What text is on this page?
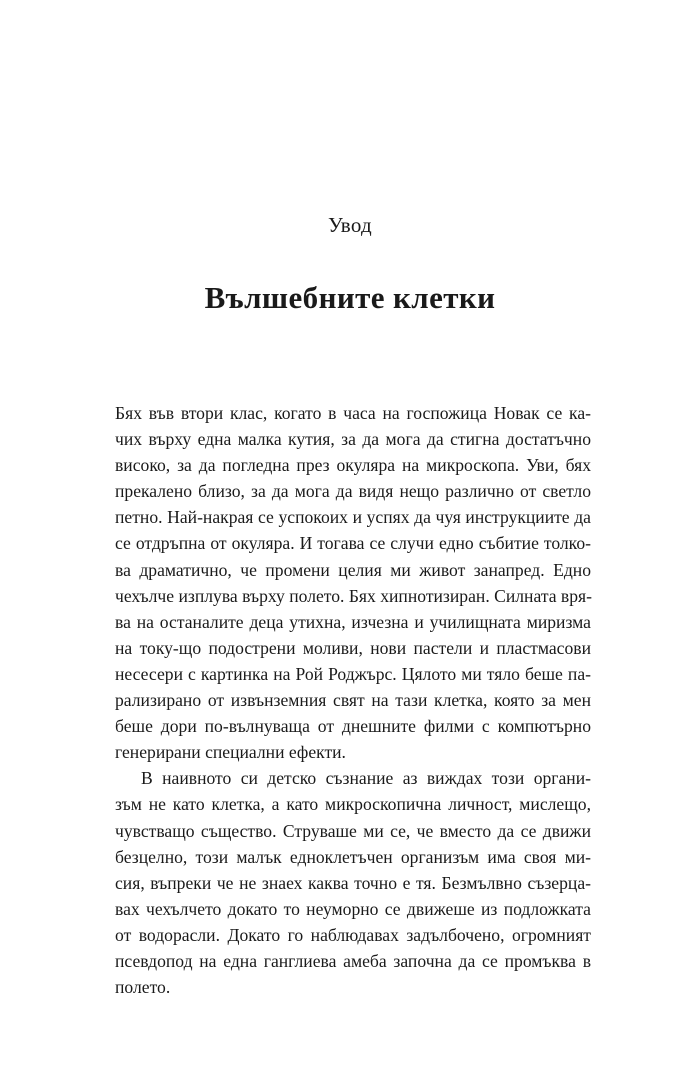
Увод
Вълшебните клетки
Бях във втори клас, когато в часа на госпожица Новак се ка-
чих върху една малка кутия, за да мога да стигна достатъчно
високо, за да погледна през окуляра на микроскопа. Уви, бях
прекалено близо, за да мога да видя нещо различно от светло
петно. Най-накрая се успокоих и успях да чуя инструкциите да
се отдръпна от окуляра. И тогава се случи едно събитие толко-
ва драматично, че промени целия ми живот занапред. Едно
чехълче изплува върху полето. Бях хипнотизиран. Силната вря-
ва на останалите деца утихна, изчезна и училищната миризма
на току-що подострени моливи, нови пастели и пластмасови
несесери с картинка на Рой Роджърс. Цялото ми тяло беше па-
рализирано от извънземния свят на тази клетка, която за мен
беше дори по-вълнуваща от днешните филми с компютърно
генерирани специални ефекти.
В наивното си детско съзнание аз виждах този органи-
зъм не като клетка, а като микроскопична личност, мислещо,
чувстващо същество. Струваше ми се, че вместо да се движи
безцелно, този малък едноклетъчен организъм има своя ми-
сия, въпреки че не знаех каква точно е тя. Безмълвно съзерца-
вах чехълчето докато то неуморно се движеше из подложката
от водорасли. Докато го наблюдавах задълбочено, огромният
псевдопод на една ганглиева амеба започна да се промъква в
полето.
